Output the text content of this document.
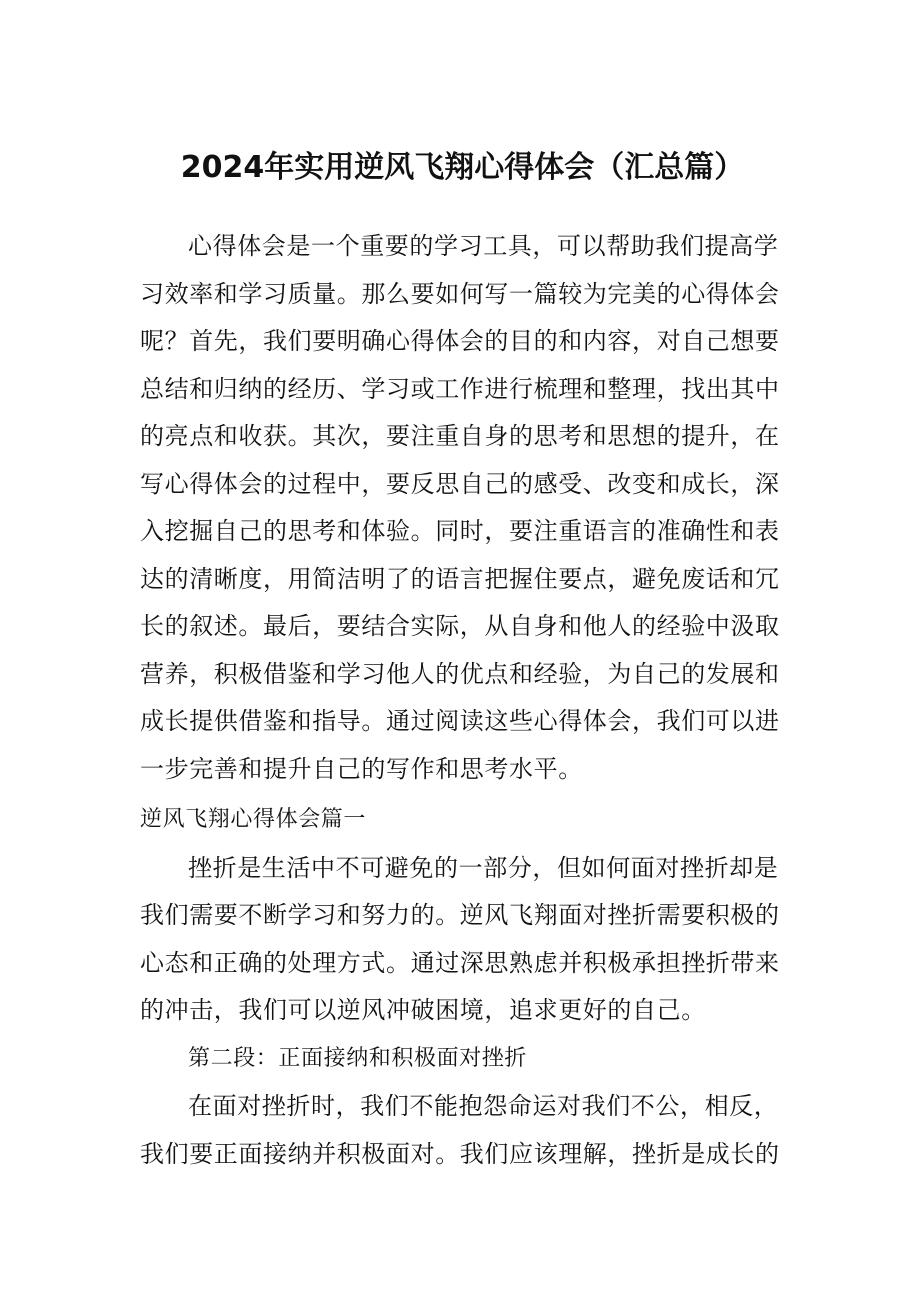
2024年实用逆风飞翔心得体会（汇总篇）
心得体会是一个重要的学习工具，可以帮助我们提高学
习效率和学习质量。那么要如何写一篇较为完美的心得体会
呢？首先，我们要明确心得体会的目的和内容，对自己想要
总结和归纳的经历、学习或工作进行梳理和整理，找出其中
的亮点和收获。其次，要注重自身的思考和思想的提升，在
写心得体会的过程中，要反思自己的感受、改变和成长，深
入挖掘自己的思考和体验。同时，要注重语言的准确性和表
达的清晰度，用简洁明了的语言把握住要点，避免废话和冗
长的叙述。最后，要结合实际，从自身和他人的经验中汲取
营养，积极借鉴和学习他人的优点和经验，为自己的发展和
成长提供借鉴和指导。通过阅读这些心得体会，我们可以进
一步完善和提升自己的写作和思考水平。
逆风飞翔心得体会篇一
挫折是生活中不可避免的一部分，但如何面对挫折却是
我们需要不断学习和努力的。逆风飞翔面对挫折需要积极的
心态和正确的处理方式。通过深思熟虑并积极承担挫折带来
的冲击，我们可以逆风冲破困境，追求更好的自己。
第二段：正面接纳和积极面对挫折
在面对挫折时，我们不能抱怨命运对我们不公，相反，
我们要正面接纳并积极面对。我们应该理解，挫折是成长的
